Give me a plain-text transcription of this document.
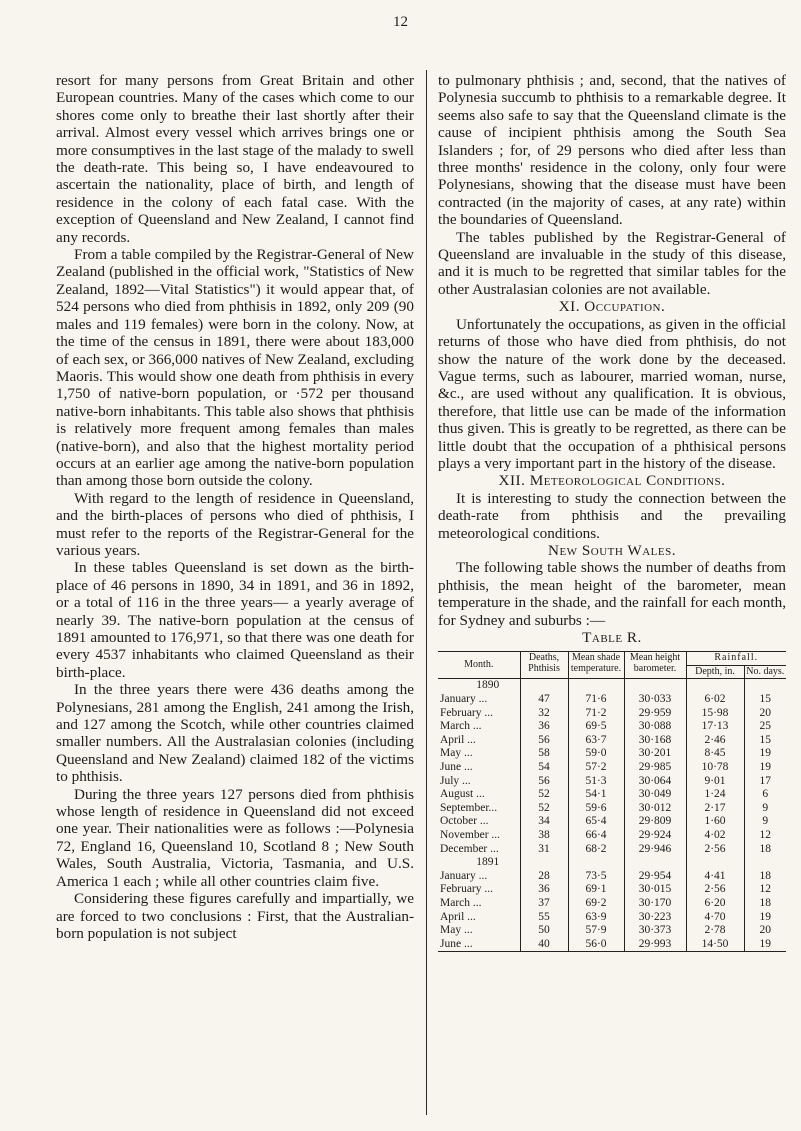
12

resort for many persons from Great Britain and other European countries. Many of the cases which come to our shores come only to breathe their last shortly after their arrival. Almost every vessel which arrives brings one or more consumptives in the last stage of the malady to swell the death-rate. This being so, I have endeavoured to ascertain the nationality, place of birth, and length of residence in the colony of each fatal case. With the exception of Queensland and New Zealand, I cannot find any records.

From a table compiled by the Registrar-General of New Zealand (published in the official work, "Statistics of New Zealand, 1892—Vital Statistics") it would appear that, of 524 persons who died from phthisis in 1892, only 209 (90 males and 119 females) were born in the colony. Now, at the time of the census in 1891, there were about 183,000 of each sex, or 366,000 natives of New Zealand, excluding Maoris. This would show one death from phthisis in every 1,750 of native-born population, or ·572 per thousand native-born inhabitants. This table also shows that phthisis is relatively more frequent among females than males (native-born), and also that the highest mortality period occurs at an earlier age among the native-born population than among those born outside the colony.

With regard to the length of residence in Queensland, and the birth-places of persons who died of phthisis, I must refer to the reports of the Registrar-General for the various years.

In these tables Queensland is set down as the birth-place of 46 persons in 1890, 34 in 1891, and 36 in 1892, or a total of 116 in the three years— a yearly average of nearly 39. The native-born population at the census of 1891 amounted to 176,971, so that there was one death for every 4537 inhabitants who claimed Queensland as their birth-place.

In the three years there were 436 deaths among the Polynesians, 281 among the English, 241 among the Irish, and 127 among the Scotch, while other countries claimed smaller numbers. All the Australasian colonies (including Queensland and New Zealand) claimed 182 of the victims to phthisis.

During the three years 127 persons died from phthisis whose length of residence in Queensland did not exceed one year. Their nationalities were as follows :—Polynesia 72, England 16, Queensland 10, Scotland 8 ; New South Wales, South Australia, Victoria, Tasmania, and U.S. America 1 each ; while all other countries claim five.

Considering these figures carefully and impartially, we are forced to two conclusions : First, that the Australian-born population is not subject

to pulmonary phthisis ; and, second, that the natives of Polynesia succumb to phthisis to a remarkable degree. It seems also safe to say that the Queensland climate is the cause of incipient phthisis among the South Sea Islanders ; for, of 29 persons who died after less than three months' residence in the colony, only four were Polynesians, showing that the disease must have been contracted (in the majority of cases, at any rate) within the boundaries of Queensland.

The tables published by the Registrar-General of Queensland are invaluable in the study of this disease, and it is much to be regretted that similar tables for the other Australasian colonies are not available.

XI. Occupation.

Unfortunately the occupations, as given in the official returns of those who have died from phthisis, do not show the nature of the work done by the deceased. Vague terms, such as labourer, married woman, nurse, &c., are used without any qualification. It is obvious, therefore, that little use can be made of the information thus given. This is greatly to be regretted, as there can be little doubt that the occupation of a phthisical persons plays a very important part in the history of the disease.

XII. Meteorological Conditions.

It is interesting to study the connection between the death-rate from phthisis and the prevailing meteorological conditions.

New South Wales.

The following table shows the number of deaths from phthisis, the mean height of the barometer, mean temperature in the shade, and the rainfall for each month, for Sydney and suburbs :—

Table R.
Month.	Deaths, Phthisis	Mean shade temperature.	Mean height barometer.	Rainfall.	
				Depth, in.	No. days.
1890					
January ...	47	71·6	30·033	6·02	15
February ...	32	71·2	29·959	15·98	20
March ...	36	69·5	30·088	17·13	25
April ...	56	63·7	30·168	2·46	15
May ...	58	59·0	30·201	8·45	19
June ...	54	57·2	29·985	10·78	19
July ...	56	51·3	30·064	9·01	17
August ...	52	54·1	30·049	1·24	6
September...	52	59·6	30·012	2·17	9
October ...	34	65·4	29·809	1·60	9
November ...	38	66·4	29·924	4·02	12
December ...	31	68·2	29·946	2·56	18
1891					
January ...	28	73·5	29·954	4·41	18
February ...	36	69·1	30·015	2·56	12
March ...	37	69·2	30·170	6·20	18
April ...	55	63·9	30·223	4·70	19
May ...	50	57·9	30·373	2·78	20
June ...	40	56·0	29·993	14·50	19
